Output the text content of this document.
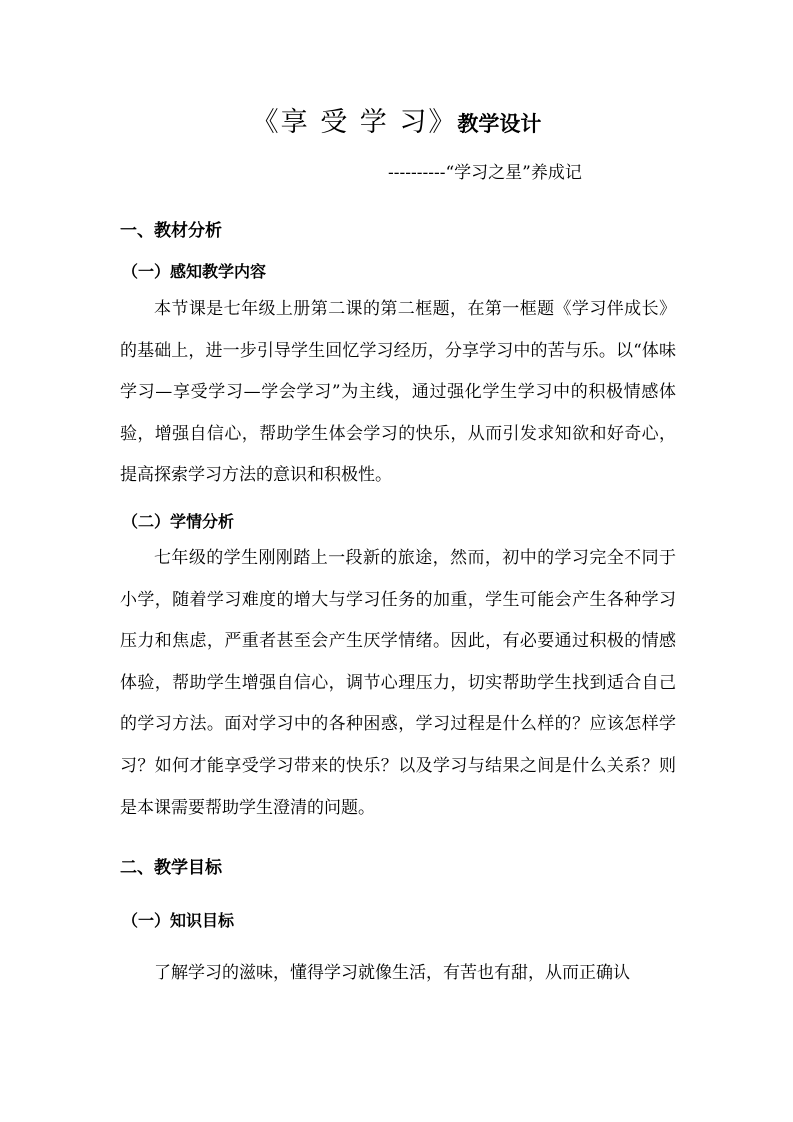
《享 受 学 习》教学设计
----------“学习之星”养成记
一、教材分析
（一）感知教学内容
本节课是七年级上册第二课的第二框题，在第一框题《学习伴成长》的基础上，进一步引导学生回忆学习经历，分享学习中的苦与乐。以“体味学习—享受学习—学会学习”为主线，通过强化学生学习中的积极情感体验，增强自信心，帮助学生体会学习的快乐，从而引发求知欲和好奇心，提高探索学习方法的意识和积极性。
（二）学情分析
七年级的学生刚刚踏上一段新的旅途，然而，初中的学习完全不同于小学，随着学习难度的增大与学习任务的加重，学生可能会产生各种学习压力和焦虑，严重者甚至会产生厌学情绪。因此，有必要通过积极的情感体验，帮助学生增强自信心，调节心理压力，切实帮助学生找到适合自己的学习方法。面对学习中的各种困惑，学习过程是什么样的？应该怎样学习？如何才能享受学习带来的快乐？以及学习与结果之间是什么关系？则是本课需要帮助学生澄清的问题。
二、教学目标
（一）知识目标
了解学习的滋味，懂得学习就像生活，有苦也有甜，从而正确认
